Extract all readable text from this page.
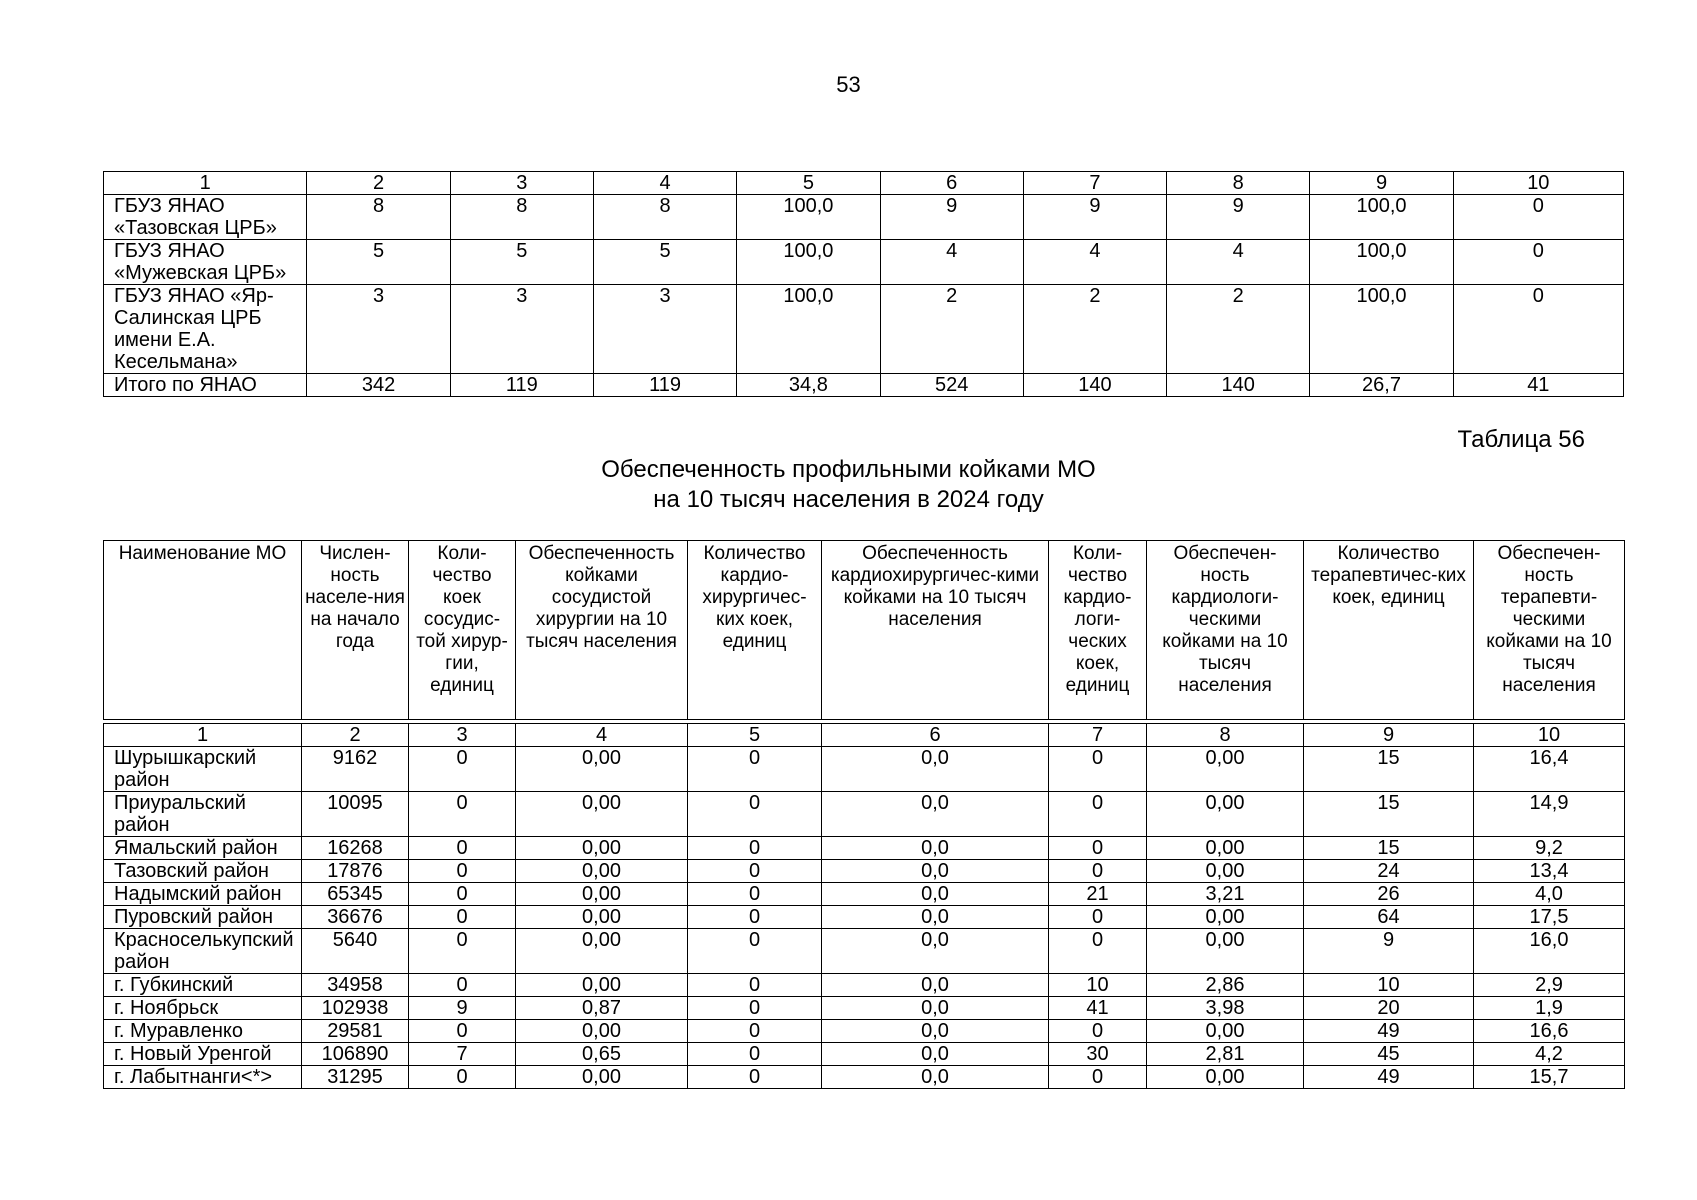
53
1	2	3	4	5	6	7	8	9	10
ГБУЗ ЯНАО «Тазовская ЦРБ»	8	8	8	100,0	9	9	9	100,0	0
ГБУЗ ЯНАО «Мужевская ЦРБ»	5	5	5	100,0	4	4	4	100,0	0
ГБУЗ ЯНАО «Яр-Салинская ЦРБ имени Е.А. Кесельмана»	3	3	3	100,0	2	2	2	100,0	0
Итого по ЯНАО	342	119	119	34,8	524	140	140	26,7	41
Таблица 56
Обеспеченность профильными койками МО
на 10 тысяч населения в 2024 году
Наименование МО	Числен-ность населе-ния на начало года	Коли-чество коек сосудис-той хирур-гии, единиц	Обеспеченность койками сосудистой хирургии на 10 тысяч населения	Количество кардио-хирургичес-ких коек, единиц	Обеспеченность кардиохирургичес-кими койками на 10 тысяч населения	Коли-чество кардио-логи-ческих коек, единиц	Обеспечен-ность кардиологи-ческими койками на 10 тысяч населения	Количество терапевтичес-ких коек, единиц	Обеспечен-ность терапевти-ческими койками на 10 тысяч населения
1	2	3	4	5	6	7	8	9	10
Шурышкарский район	9162	0	0,00	0	0,0	0	0,00	15	16,4
Приуральский район	10095	0	0,00	0	0,0	0	0,00	15	14,9
Ямальский район	16268	0	0,00	0	0,0	0	0,00	15	9,2
Тазовский район	17876	0	0,00	0	0,0	0	0,00	24	13,4
Надымский район	65345	0	0,00	0	0,0	21	3,21	26	4,0
Пуровский район	36676	0	0,00	0	0,0	0	0,00	64	17,5
Красноселькупский район	5640	0	0,00	0	0,0	0	0,00	9	16,0
г. Губкинский	34958	0	0,00	0	0,0	10	2,86	10	2,9
г. Ноябрьск	102938	9	0,87	0	0,0	41	3,98	20	1,9
г. Муравленко	29581	0	0,00	0	0,0	0	0,00	49	16,6
г. Новый Уренгой	106890	7	0,65	0	0,0	30	2,81	45	4,2
г. Лабытнанги<*>	31295	0	0,00	0	0,0	0	0,00	49	15,7
